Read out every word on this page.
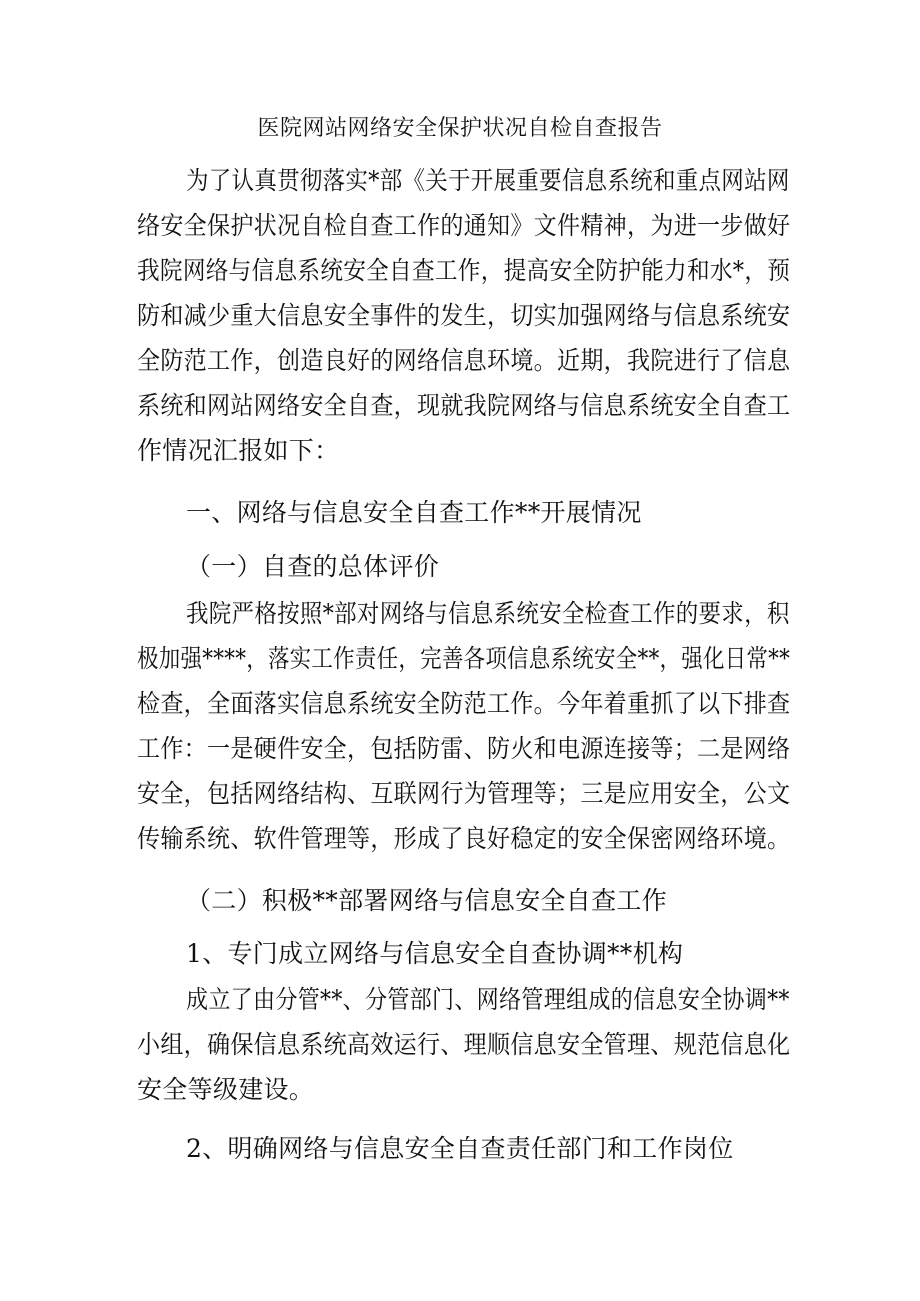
医院网站网络安全保护状况自检自查报告
为了认真贯彻落实*部《关于开展重要信息系统和重点网站网
络安全保护状况自检自查工作的通知》文件精神，为进一步做好
我院网络与信息系统安全自查工作，提高安全防护能力和水*，预
防和减少重大信息安全事件的发生，切实加强网络与信息系统安
全防范工作，创造良好的网络信息环境。近期，我院进行了信息
系统和网站网络安全自查，现就我院网络与信息系统安全自查工
作情况汇报如下：
一、网络与信息安全自查工作**开展情况
（一）自查的总体评价
我院严格按照*部对网络与信息系统安全检查工作的要求，积
极加强****，落实工作责任，完善各项信息系统安全**，强化日常**
检查，全面落实信息系统安全防范工作。今年着重抓了以下排查
工作：一是硬件安全，包括防雷、防火和电源连接等；二是网络
安全，包括网络结构、互联网行为管理等；三是应用安全，公文
传输系统、软件管理等，形成了良好稳定的安全保密网络环境。
（二）积极**部署网络与信息安全自查工作
1、专门成立网络与信息安全自查协调**机构
成立了由分管**、分管部门、网络管理组成的信息安全协调**
小组，确保信息系统高效运行、理顺信息安全管理、规范信息化
安全等级建设。
2、明确网络与信息安全自查责任部门和工作岗位
